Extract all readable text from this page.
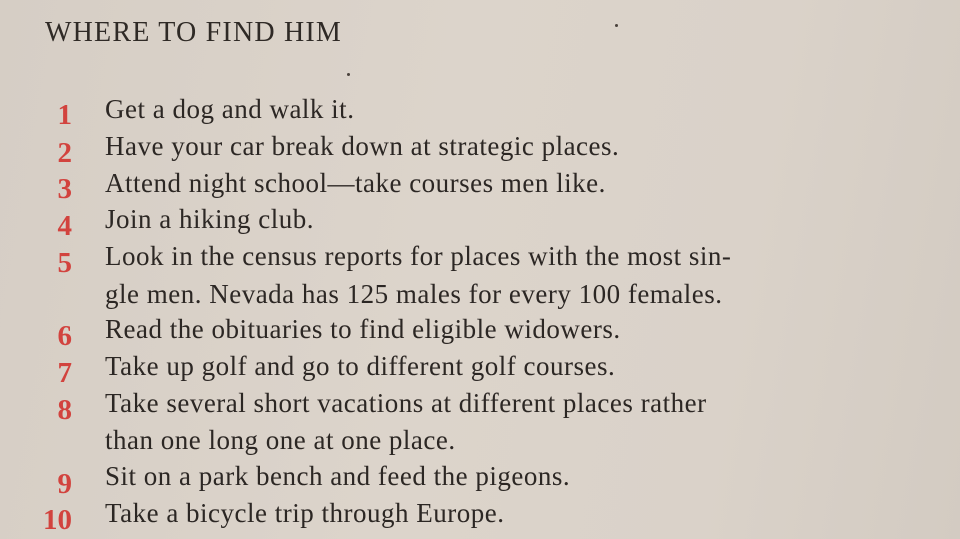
WHERE TO FIND HIM
1 Get a dog and walk it.
2 Have your car break down at strategic places.
3 Attend night school—take courses men like.
4 Join a hiking club.
5 Look in the census reports for places with the most sin-
gle men. Nevada has 125 males for every 100 females.
6 Read the obituaries to find eligible widowers.
7 Take up golf and go to different golf courses.
8 Take several short vacations at different places rather
than one long one at one place.
9 Sit on a park bench and feed the pigeons.
10 Take a bicycle trip through Europe.
